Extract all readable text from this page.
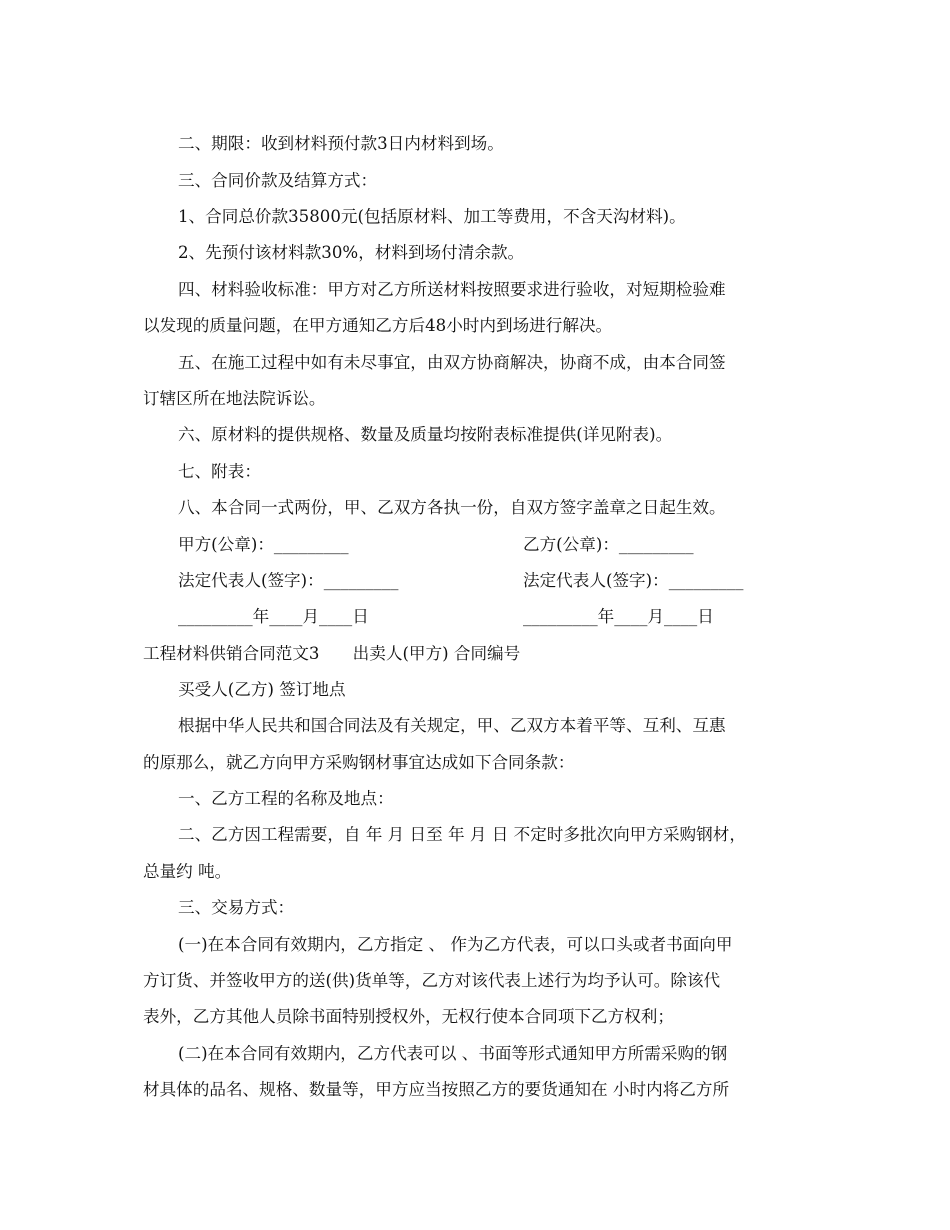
二、期限：收到材料预付款3日内材料到场。
三、合同价款及结算方式：
1、合同总价款35800元(包括原材料、加工等费用，不含天沟材料)。
2、先预付该材料款30%，材料到场付清余款。
四、材料验收标准：甲方对乙方所送材料按照要求进行验收，对短期检验难
以发现的质量问题，在甲方通知乙方后48小时内到场进行解决。
五、在施工过程中如有未尽事宜，由双方协商解决，协商不成，由本合同签
订辖区所在地法院诉讼。
六、原材料的提供规格、数量及质量均按附表标准提供(详见附表)。
七、附表：
八、本合同一式两份，甲、乙双方各执一份，自双方签字盖章之日起生效。
甲方(公章)：_________	乙方(公章)：_________
法定代表人(签字)：_________	法定代表人(签字)：_________
_________年____月____日	_________年____月____日
工程材料供销合同范文3　　出卖人(甲方) 合同编号
买受人(乙方) 签订地点
根据中华人民共和国合同法及有关规定，甲、乙双方本着平等、互利、互惠
的原那么，就乙方向甲方采购钢材事宜达成如下合同条款：
一、乙方工程的名称及地点：
二、乙方因工程需要，自 年 月 日至 年 月 日 不定时多批次向甲方采购钢材，
总量约 吨。
三、交易方式：
(一)在本合同有效期内，乙方指定 、 作为乙方代表，可以口头或者书面向甲
方订货、并签收甲方的送(供)货单等，乙方对该代表上述行为均予认可。除该代
表外，乙方其他人员除书面特别授权外，无权行使本合同项下乙方权利；
(二)在本合同有效期内，乙方代表可以 、书面等形式通知甲方所需采购的钢
材具体的品名、规格、数量等，甲方应当按照乙方的要货通知在 小时内将乙方所
